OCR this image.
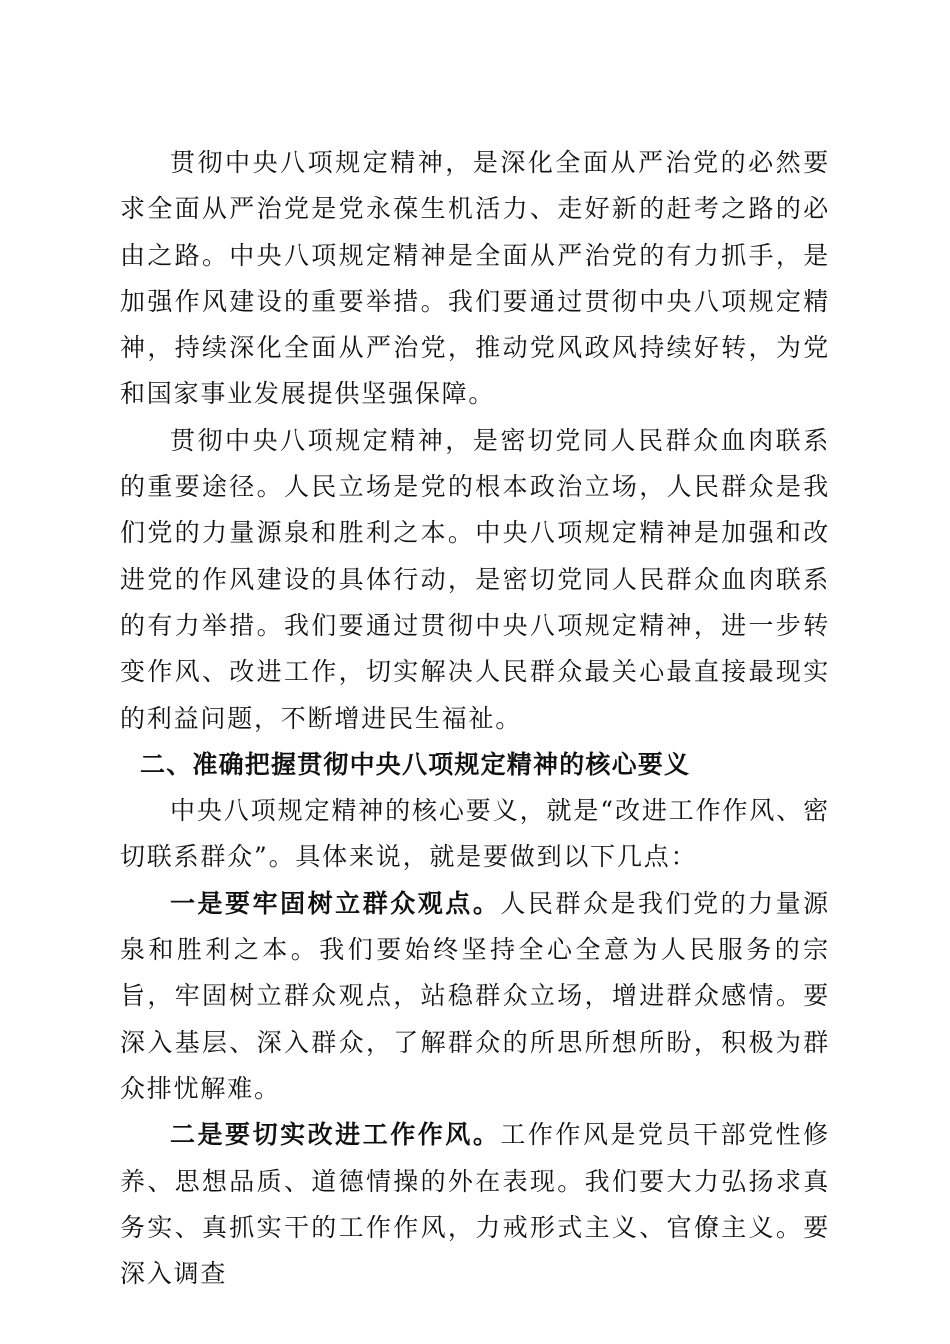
贯彻中央八项规定精神，是深化全面从严治党的必然要求全面从严治党是党永葆生机活力、走好新的赶考之路的必由之路。中央八项规定精神是全面从严治党的有力抓手，是加强作风建设的重要举措。我们要通过贯彻中央八项规定精神，持续深化全面从严治党，推动党风政风持续好转，为党和国家事业发展提供坚强保障。

贯彻中央八项规定精神，是密切党同人民群众血肉联系的重要途径。人民立场是党的根本政治立场，人民群众是我们党的力量源泉和胜利之本。中央八项规定精神是加强和改进党的作风建设的具体行动，是密切党同人民群众血肉联系的有力举措。我们要通过贯彻中央八项规定精神，进一步转变作风、改进工作，切实解决人民群众最关心最直接最现实的利益问题，不断增进民生福祉。

二、准确把握贯彻中央八项规定精神的核心要义

中央八项规定精神的核心要义，就是“改进工作作风、密切联系群众”。具体来说，就是要做到以下几点：

一是要牢固树立群众观点。人民群众是我们党的力量源泉和胜利之本。我们要始终坚持全心全意为人民服务的宗旨，牢固树立群众观点，站稳群众立场，增进群众感情。要深入基层、深入群众，了解群众的所思所想所盼，积极为群众排忧解难。

二是要切实改进工作作风。工作作风是党员干部党性修养、思想品质、道德情操的外在表现。我们要大力弘扬求真务实、真抓实干的工作作风，力戒形式主义、官僚主义。要深入调查
